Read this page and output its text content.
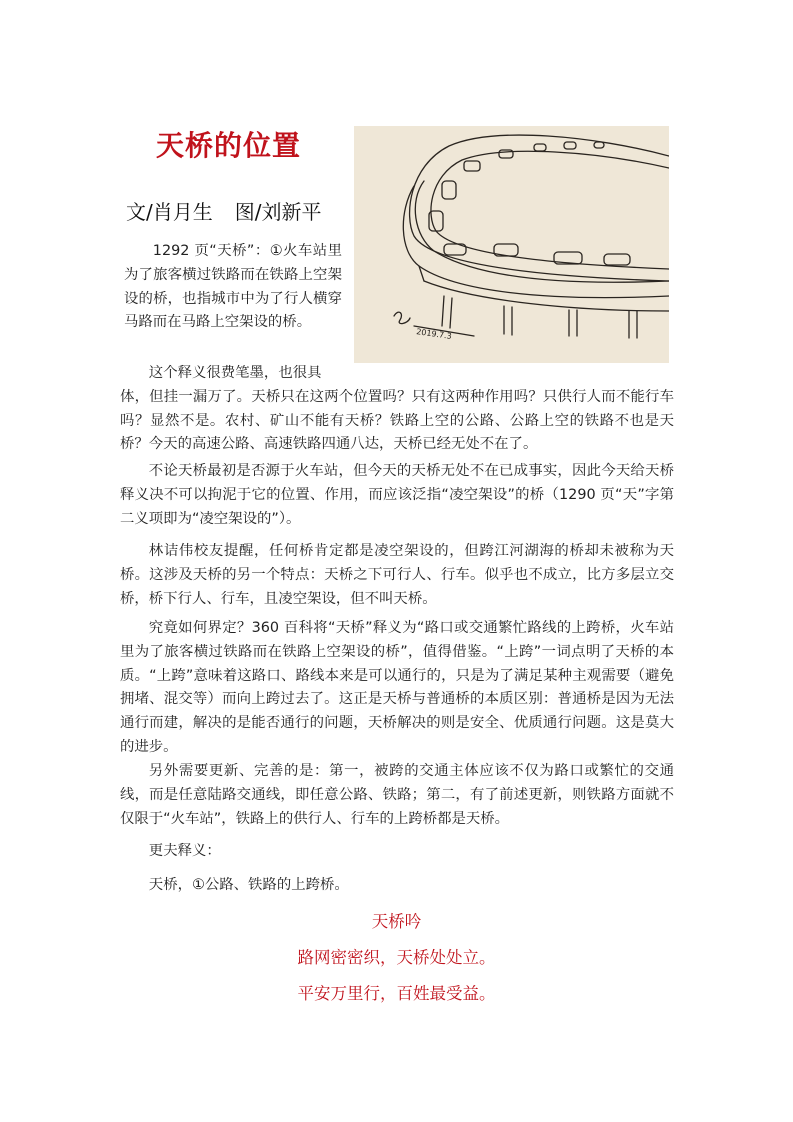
天桥的位置
文/肖月生 图/刘新平
2019.7.3
1292 页“天桥”：①火车站里为了旅客横过铁路而在铁路上空架设的桥，也指城市中为了行人横穿马路而在马路上空架设的桥。
这个释义很费笔墨，也很具
体，但挂一漏万了。天桥只在这两个位置吗？只有这两种作用吗？只供行人而不能行车吗？显然不是。农村、矿山不能有天桥？铁路上空的公路、公路上空的铁路不也是天桥？今天的高速公路、高速铁路四通八达，天桥已经无处不在了。
不论天桥最初是否源于火车站，但今天的天桥无处不在已成事实，因此今天给天桥释义决不可以拘泥于它的位置、作用，而应该泛指“凌空架设”的桥（1290 页“天”字第二义项即为“凌空架设的”）。
林诘伟校友提醒，任何桥肯定都是凌空架设的，但跨江河湖海的桥却未被称为天桥。这涉及天桥的另一个特点：天桥之下可行人、行车。似乎也不成立，比方多层立交桥，桥下行人、行车，且凌空架设，但不叫天桥。
究竟如何界定？360 百科将“天桥”释义为“路口或交通繁忙路线的上跨桥，火车站里为了旅客横过铁路而在铁路上空架设的桥”，值得借鉴。“上跨”一词点明了天桥的本质。“上跨”意味着这路口、路线本来是可以通行的，只是为了满足某种主观需要（避免拥堵、混交等）而向上跨过去了。这正是天桥与普通桥的本质区别：普通桥是因为无法通行而建，解决的是能否通行的问题，天桥解决的则是安全、优质通行问题。这是莫大的进步。
另外需要更新、完善的是：第一，被跨的交通主体应该不仅为路口或繁忙的交通线，而是任意陆路交通线，即任意公路、铁路；第二，有了前述更新，则铁路方面就不仅限于“火车站”，铁路上的供行人、行车的上跨桥都是天桥。
更夫释义：
天桥，①公路、铁路的上跨桥。
天桥吟
路网密密织，天桥处处立。
平安万里行，百姓最受益。
